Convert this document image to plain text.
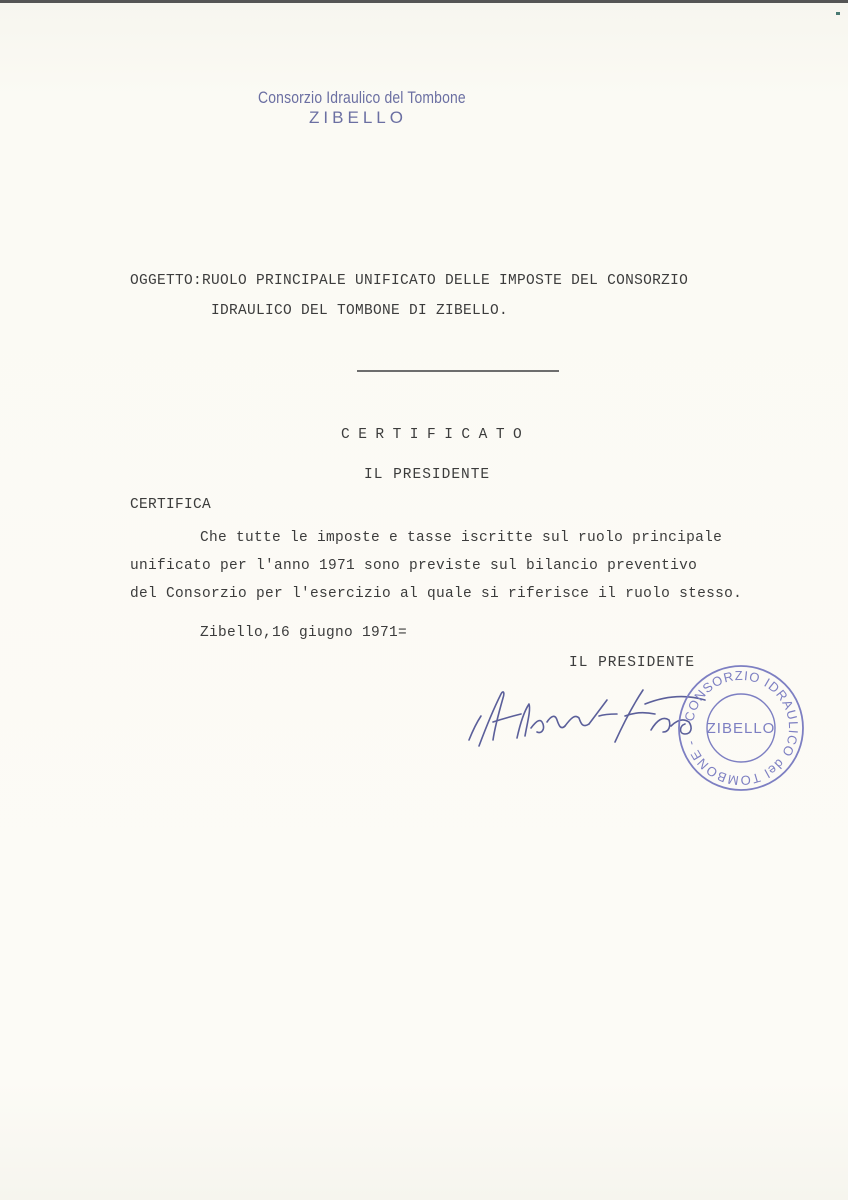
Consorzio Idraulico del Tombone
ZIBELLO
OGGETTO:RUOLO PRINCIPALE UNIFICATO DELLE IMPOSTE DEL CONSORZIO
IDRAULICO DEL TOMBONE DI ZIBELLO.
CERTIFICATO
IL PRESIDENTE
CERTIFICA
Che tutte le imposte e tasse iscritte sul ruolo principale
unificato per l'anno 1971 sono previste sul bilancio preventivo
del Consorzio per l'esercizio al quale si riferisce il ruolo stesso.
Zibello,16 giugno 1971=
IL PRESIDENTE
CONSORZIO IDRAULICO del TOMBONE -
ZIBELLO
